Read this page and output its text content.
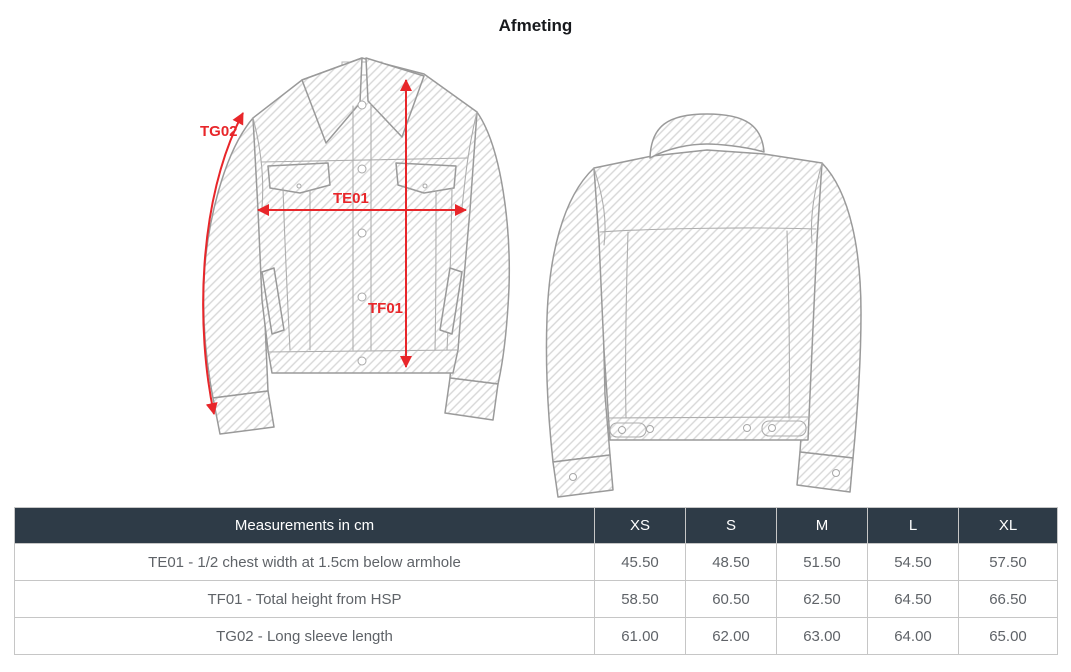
Afmeting
TG02
TE01
TF01
Measurements in cm	XS	S	M	L	XL
TE01 - 1/2 chest width at 1.5cm below armhole	45.50	48.50	51.50	54.50	57.50
TF01 - Total height from HSP	58.50	60.50	62.50	64.50	66.50
TG02 - Long sleeve length	61.00	62.00	63.00	64.00	65.00
